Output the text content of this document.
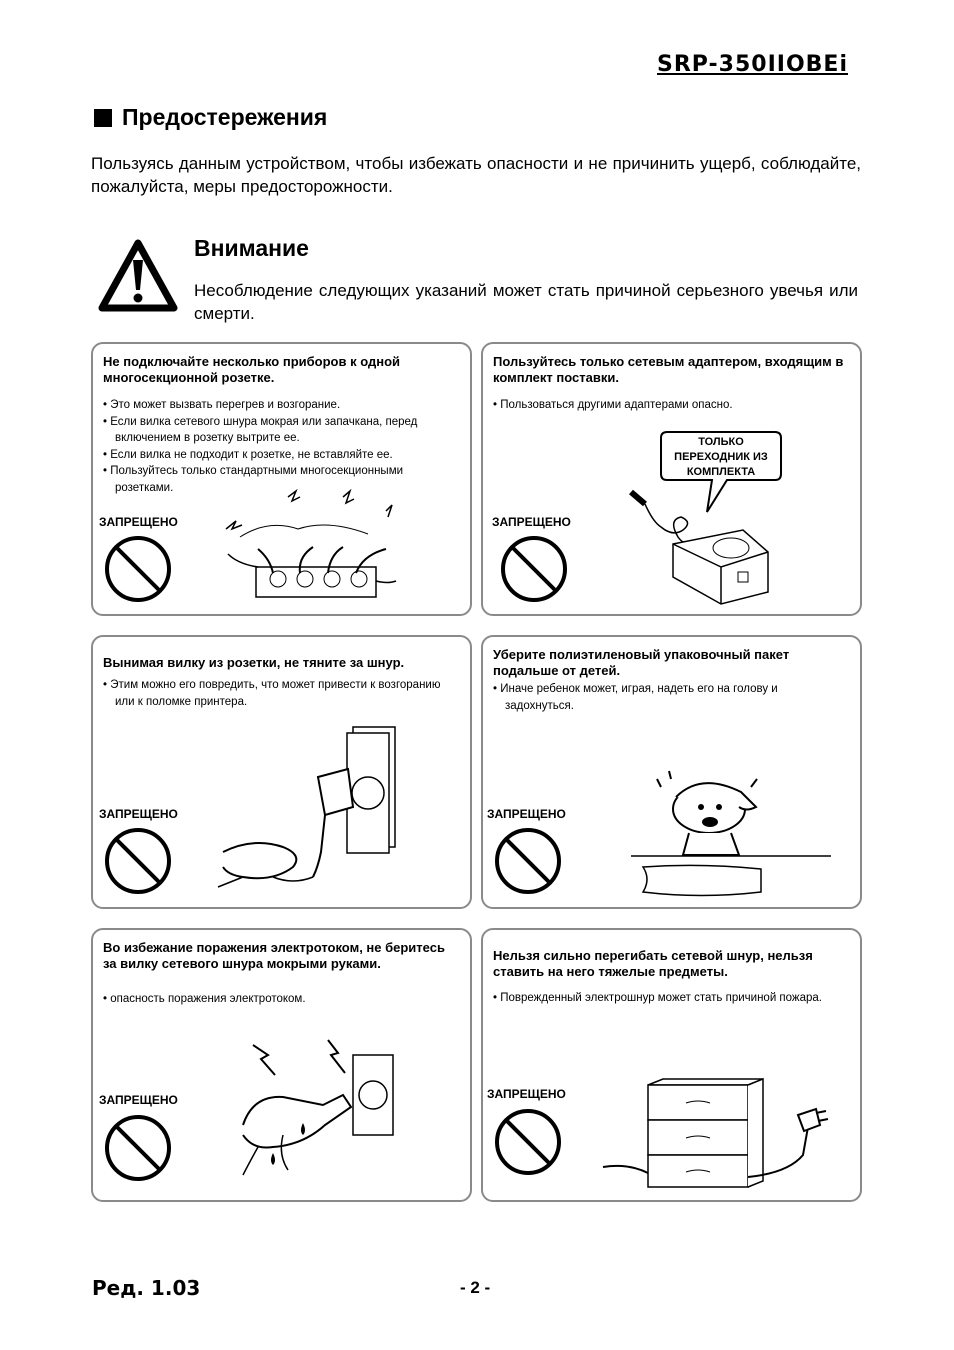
SRP-350IIOBEi
Предостережения
Пользуясь данным устройством, чтобы избежать опасности и не причинить ущерб, соблюдайте, пожалуйста, меры предосторожности.
Внимание
Несоблюдение следующих указаний может стать причиной серьезного увечья или смерти.
Не подключайте несколько приборов к одной многосекционной розетке.
• Это может вызвать перегрев и возгорание.
• Если вилка сетевого шнура мокрая или запачкана, перед включением в розетку вытрите ее.
• Если вилка не подходит к розетке, не вставляйте ее.
• Пользуйтесь только стандартными многосекционными розетками.
ЗАПРЕЩЕНО
Пользуйтесь только сетевым адаптером, входящим в комплект поставки.
• Пользоваться другими адаптерами опасно.
ЗАПРЕЩЕНО
ТОЛЬКО
ПЕРЕХОДНИК ИЗ
КОМПЛЕКТА
Вынимая вилку из розетки, не тяните за шнур.
• Этим можно его повредить, что может привести к возгоранию или к поломке принтера.
ЗАПРЕЩЕНО
Уберите полиэтиленовый упаковочный пакет подальше от детей.
• Иначе ребенок может, играя, надеть его на голову и задохнуться.
ЗАПРЕЩЕНО
Во избежание поражения электротоком, не беритесь за вилку сетевого шнура мокрыми руками.
• опасность поражения электротоком.
ЗАПРЕЩЕНО
Нельзя сильно перегибать сетевой шнур, нельзя ставить на него тяжелые предметы.
• Поврежденный электрошнур может стать причиной пожара.
ЗАПРЕЩЕНО
Ред. 1.03	- 2 -
